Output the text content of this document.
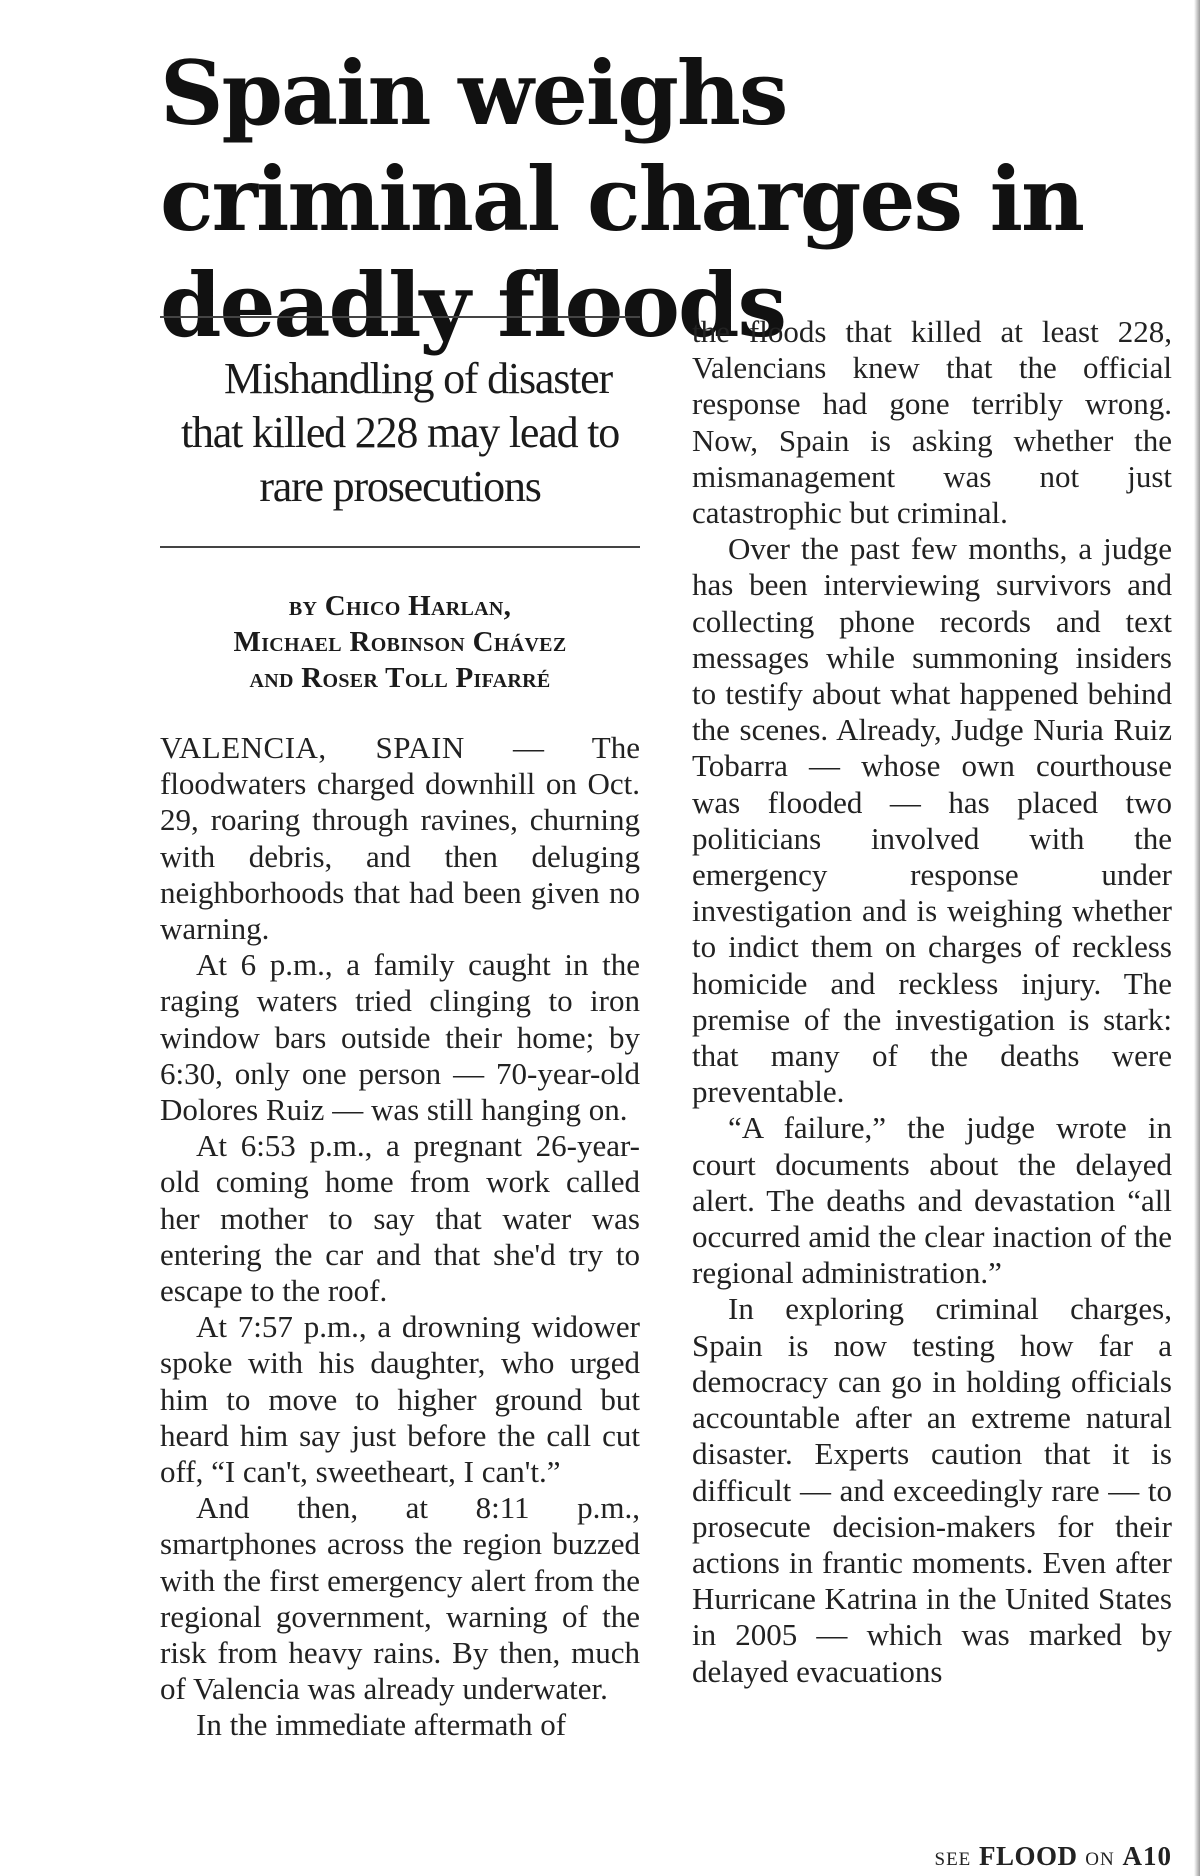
Spain weighs criminal charges in deadly floods

Mishandling of disaster that killed 228 may lead to rare prosecutions

by Chico Harlan,
Michael Robinson Chávez
and Roser Toll Pifarré

VALENCIA, SPAIN — The floodwaters charged downhill on Oct. 29, roaring through ravines, churning with debris, and then deluging neighborhoods that had been given no warning.

At 6 p.m., a family caught in the raging waters tried clinging to iron window bars outside their home; by 6:30, only one person — 70-year-old Dolores Ruiz — was still hanging on.

At 6:53 p.m., a pregnant 26-year-old coming home from work called her mother to say that water was entering the car and that she'd try to escape to the roof.

At 7:57 p.m., a drowning widower spoke with his daughter, who urged him to move to higher ground but heard him say just before the call cut off, “I can't, sweetheart, I can't.”

And then, at 8:11 p.m., smartphones across the region buzzed with the first emergency alert from the regional government, warning of the risk from heavy rains. By then, much of Valencia was already underwater.

In the immediate aftermath of

the floods that killed at least 228, Valencians knew that the official response had gone terribly wrong. Now, Spain is asking whether the mismanagement was not just catastrophic but criminal.

Over the past few months, a judge has been interviewing survivors and collecting phone records and text messages while summoning insiders to testify about what happened behind the scenes. Already, Judge Nuria Ruiz Tobarra — whose own courthouse was flooded — has placed two politicians involved with the emergency response under investigation and is weighing whether to indict them on charges of reckless homicide and reckless injury. The premise of the investigation is stark: that many of the deaths were preventable.

“A failure,” the judge wrote in court documents about the delayed alert. The deaths and devastation “all occurred amid the clear inaction of the regional administration.”

In exploring criminal charges, Spain is now testing how far a democracy can go in holding officials accountable after an extreme natural disaster. Experts caution that it is difficult — and exceedingly rare — to prosecute decision-makers for their actions in frantic moments. Even after Hurricane Katrina in the United States in 2005 — which was marked by delayed evacuations

see FLOOD on A10
